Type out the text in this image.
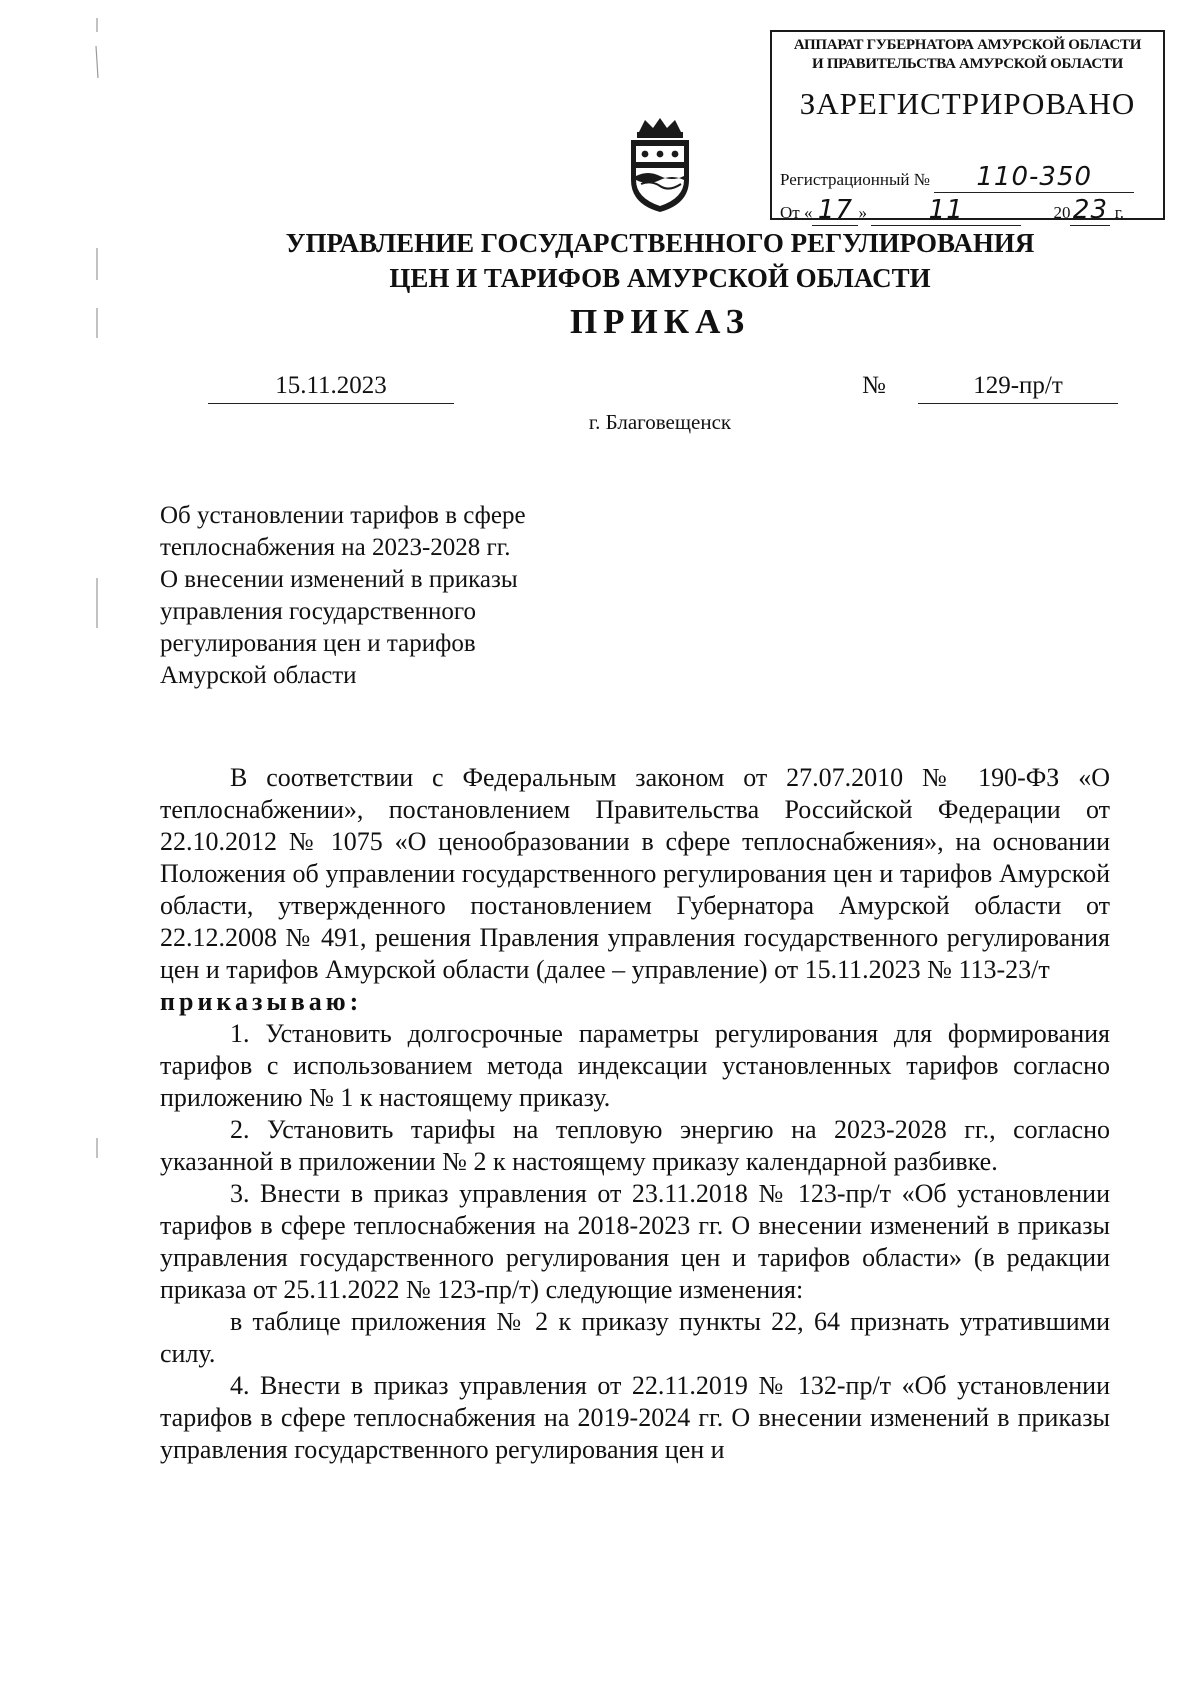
АППАРАТ ГУБЕРНАТОРА АМУРСКОЙ ОБЛАСТИ
И ПРАВИТЕЛЬСТВА АМУРСКОЙ ОБЛАСТИ
ЗАРЕГИСТРИРОВАНО
Регистрационный № 110-350
От « 17 » 11	2023 г.
УПРАВЛЕНИЕ ГОСУДАРСТВЕННОГО РЕГУЛИРОВАНИЯ
ЦЕН И ТАРИФОВ АМУРСКОЙ ОБЛАСТИ
ПРИКАЗ
15.11.2023	№	129-пр/т
г. Благовещенск
Об установлении тарифов в сфере
теплоснабжения на 2023-2028 гг.
О внесении изменений в приказы
управления государственного
регулирования цен и тарифов
Амурской области

В соответствии с Федеральным законом от 27.07.2010 № 190-ФЗ «О теплоснабжении», постановлением Правительства Российской Федерации от 22.10.2012 № 1075 «О ценообразовании в сфере теплоснабжения», на основании Положения об управлении государственного регулирования цен и тарифов Амурской области, утвержденного постановлением Губернатора Амурской области от 22.12.2008 № 491, решения Правления управления государственного регулирования цен и тарифов Амурской области (далее – управление) от 15.11.2023 № 113-23/т

приказываю:

1. Установить долгосрочные параметры регулирования для формирования тарифов с использованием метода индексации установленных тарифов согласно приложению № 1 к настоящему приказу.

2. Установить тарифы на тепловую энергию на 2023-2028 гг., согласно указанной в приложении № 2 к настоящему приказу календарной разбивке.

3. Внести в приказ управления от 23.11.2018 № 123-пр/т «Об установлении тарифов в сфере теплоснабжения на 2018-2023 гг. О внесении изменений в приказы управления государственного регулирования цен и тарифов области» (в редакции приказа от 25.11.2022 № 123-пр/т) следующие изменения:

в таблице приложения № 2 к приказу пункты 22, 64 признать утратившими силу.

4. Внести в приказ управления от 22.11.2019 № 132-пр/т «Об установлении тарифов в сфере теплоснабжения на 2019-2024 гг. О внесении изменений в приказы управления государственного регулирования цен и
